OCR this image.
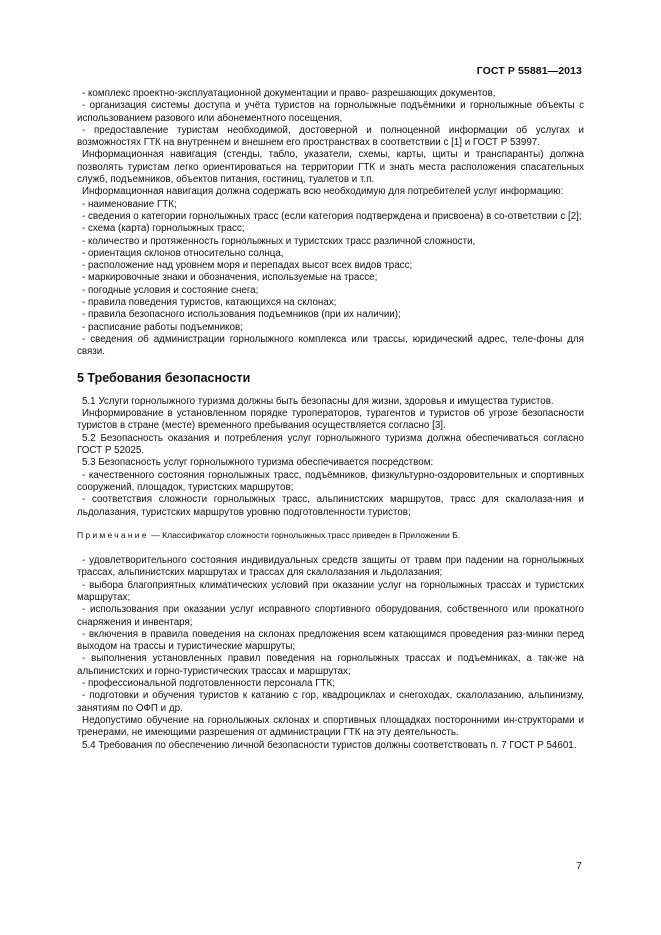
ГОСТ Р 55881—2013

- комплекс проектно-эксплуатационной документации и право- разрешающих документов,

- организация системы доступа и учёта туристов на горнолыжные подъёмники и горнолыжные объекты с использованием разового или абонементного посещения,

- предоставление туристам необходимой, достоверной и полноценной информации об услугах и возможностях ГТК на внутреннем и внешнем его пространствах в соответствии с [1] и ГОСТ Р 53997.

Информационная навигация (стенды, табло, указатели, схемы, карты, щиты и транспаранты) должна позволять туристам легко ориентироваться на территории ГТК и знать места расположения спасательных служб, подъемников, объектов питания, гостиниц, туалетов и т.п.

Информационная навигация должна содержать всю необходимую для потребителей услуг информацию:

- наименование ГТК;

- сведения о категории горнолыжных трасс (если категория подтверждена и присвоена) в со-ответствии с [2];

- схема (карта) горнолыжных трасс;

- количество и протяженность горнолыжных и туристских трасс различной сложности,

- ориентация склонов относительно солнца,

- расположение над уровнем моря и перепадах высот всех видов трасс;

- маркировочные знаки и обозначения, используемые на трассе;

- погодные условия и состояние снега;

- правила поведения туристов, катающихся на склонах;

- правила безопасного использования подъемников (при их наличии);

- расписание работы подъемников;

- сведения об администрации горнолыжного комплекса или трассы, юридический адрес, теле-фоны для связи.

5 Требования безопасности

5.1 Услуги горнолыжного туризма должны быть безопасны для жизни, здоровья и имущества туристов.

Информирование в установленном порядке туроператоров, турагентов и туристов об угрозе безопасности туристов в стране (месте) временного пребывания осуществляется согласно [3].

5.2 Безопасность оказания и потребления услуг горнолыжного туризма должна обеспечиваться согласно ГОСТ Р 52025.

5.3 Безопасность услуг горнолыжного туризма обеспечивается посредством:

- качественного состояния горнолыжных трасс, подъёмников, физкультурно-оздоровительных и спортивных сооружений, площадок, туристских маршрутов;

- соответствия сложности горнолыжных трасс, альпинистских маршрутов, трасс для скалолаза-ния и льдолазания, туристских маршрутов уровню подготовленности туристов;

Примечание — Классификатор сложности горнолыжных трасс приведен в Приложении Б.

- удовлетворительного состояния индивидуальных средств защиты от травм при падении на горнолыжных трассах, альпинистских маршрутах и трассах для скалолазания и льдолазания;

- выбора благоприятных климатических условий при оказании услуг на горнолыжных трассах и туристских маршрутах;

- использования при оказании услуг исправного спортивного оборудования, собственного или прокатного снаряжения и инвентаря;

- включения в правила поведения на склонах предложения всем катающимся проведения раз-минки перед выходом на трассы и туристические маршруты;

- выполнения установленных правил поведения на горнолыжных трассах и подъемниках, а так-же на альпинистских и горно-туристических трассах и маршрутах;

- профессиональной подготовленности персонала ГТК;

- подготовки и обучения туристов к катанию с гор, квадроциклах и снегоходах, скалолазанию, альпинизму, занятиям по ОФП и др.

Недопустимо обучение на горнолыжных склонах и спортивных площадках посторонними ин-структорами и тренерами, не имеющими разрешения от администрации ГТК на эту деятельность.

5.4 Требования по обеспечению личной безопасности туристов должны соответствовать п. 7 ГОСТ Р 54601.

7
